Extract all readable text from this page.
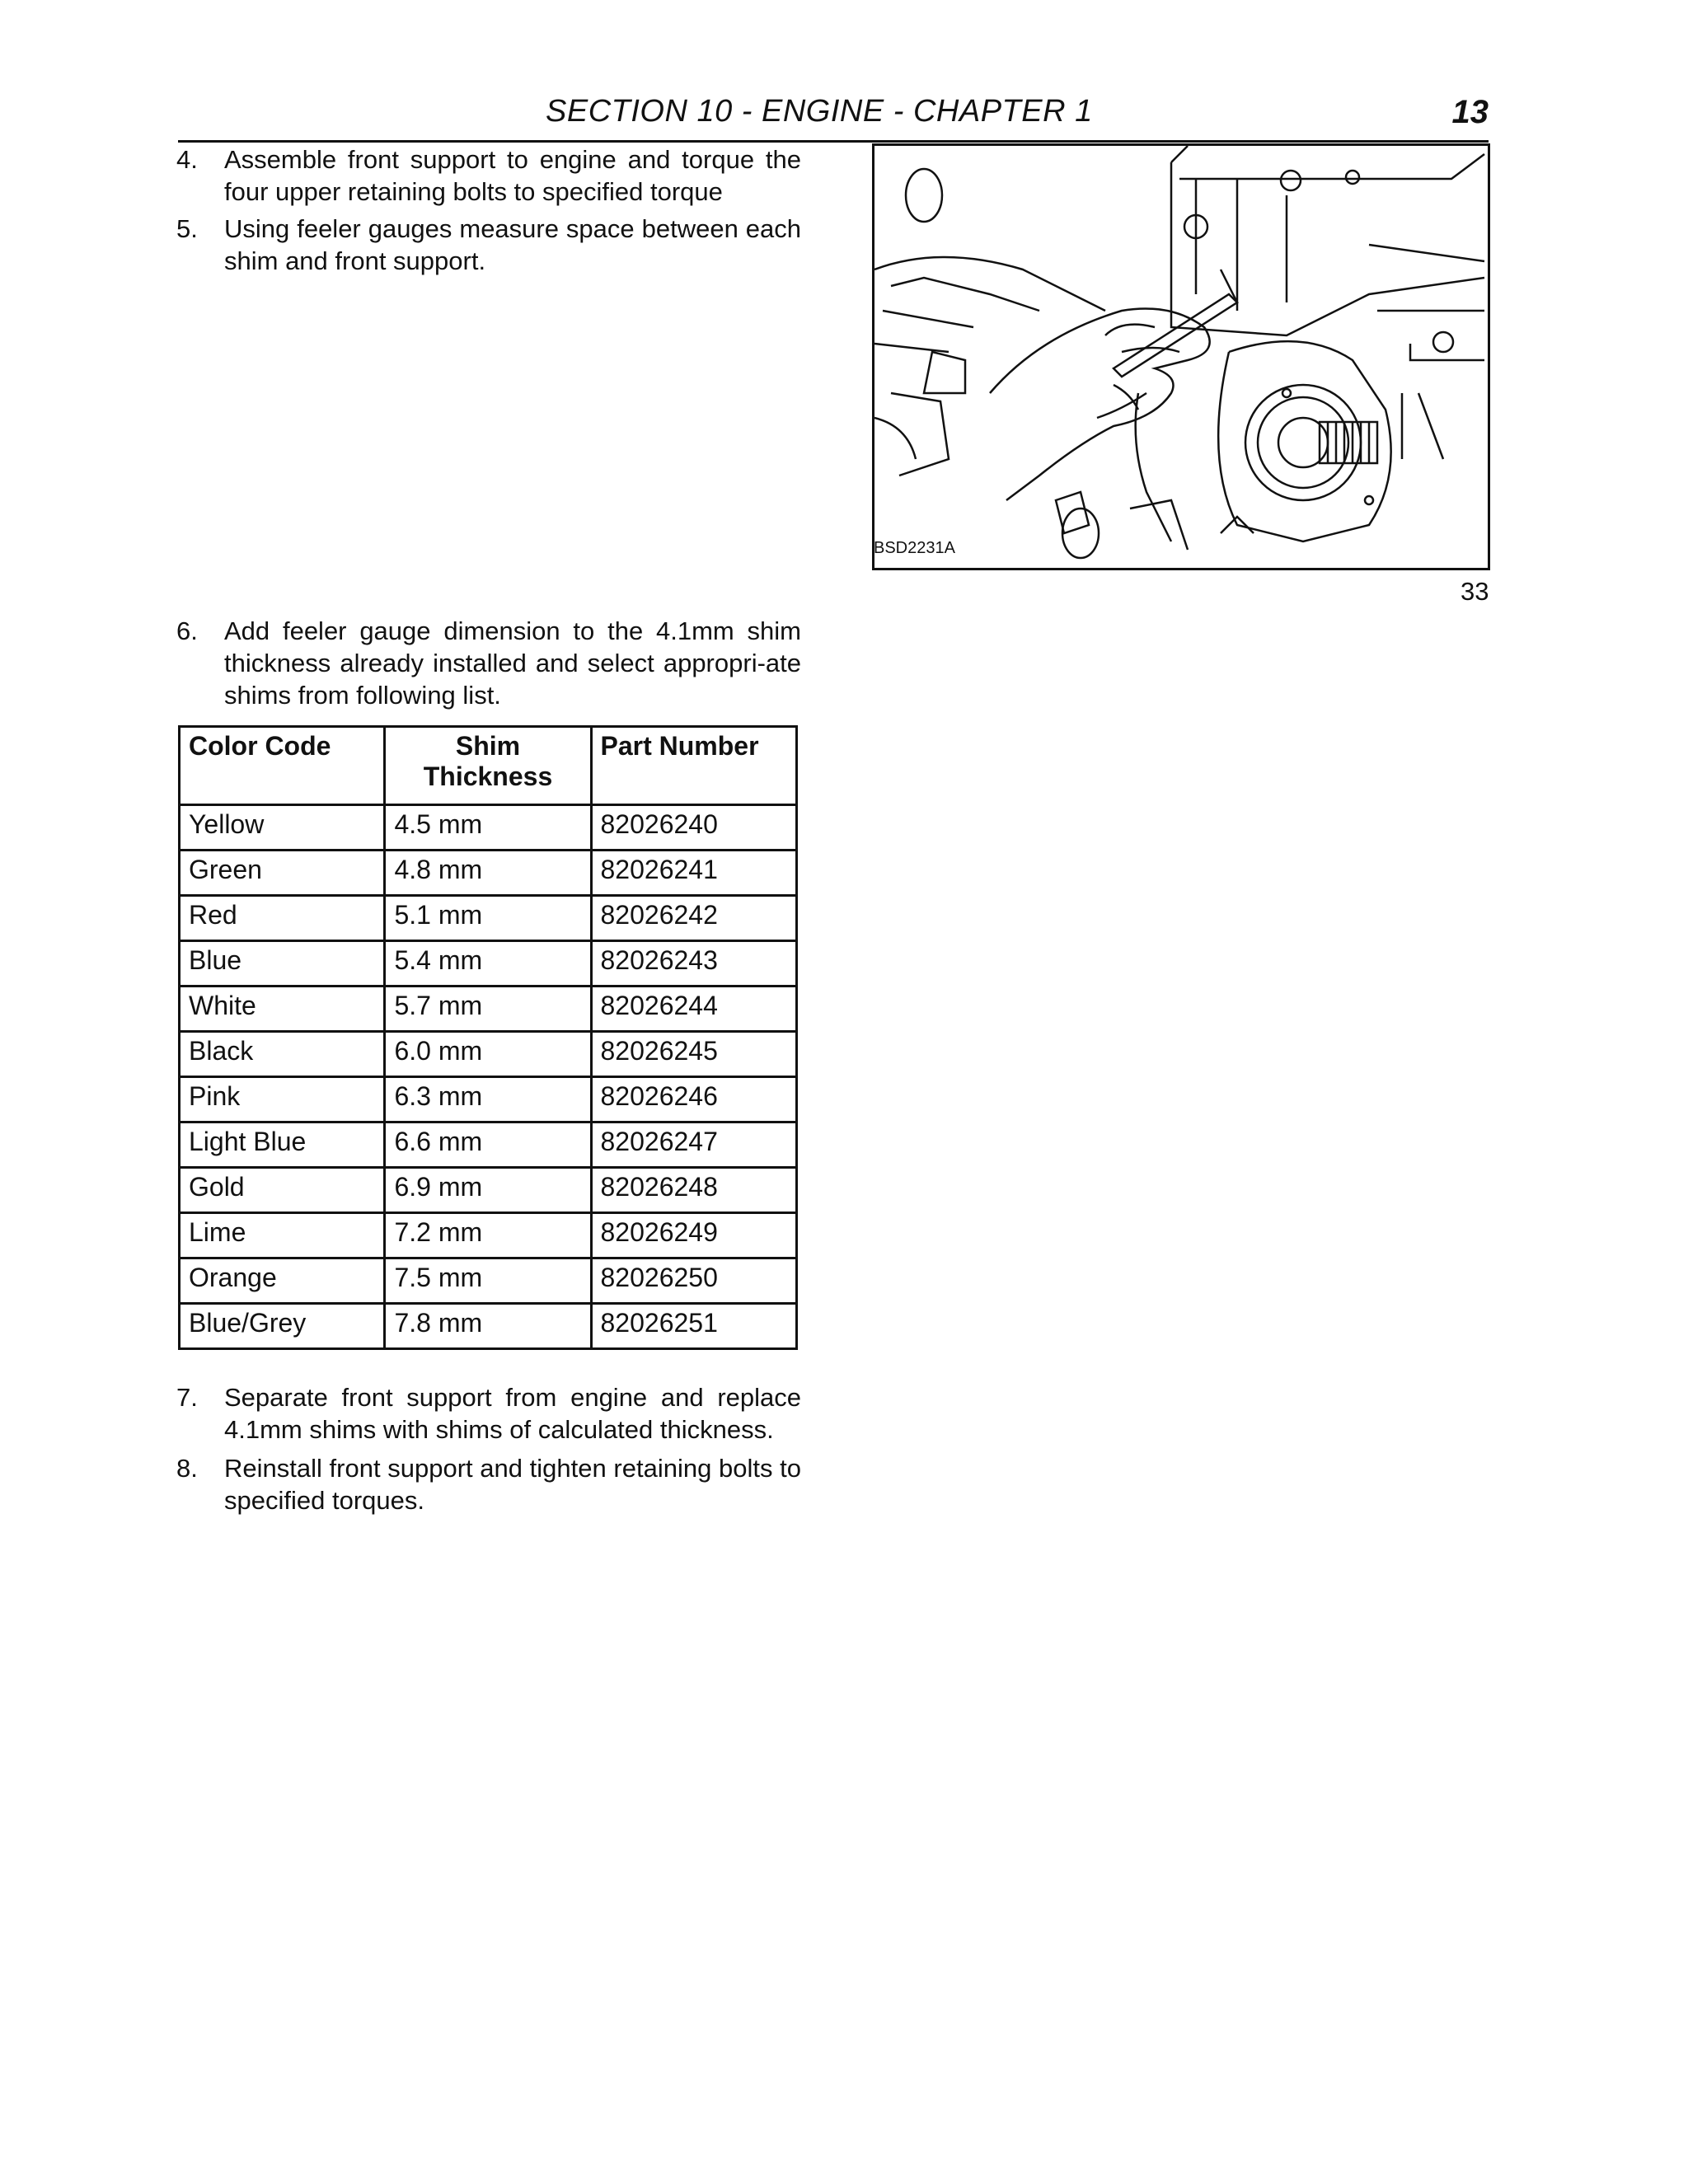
SECTION 10 - ENGINE - CHAPTER 1	13
4. Assemble front support to engine and torque the four upper retaining bolts to specified torque
5. Using feeler gauges measure space between each shim and front support.
BSD2231A
33
6. Add feeler gauge dimension to the 4.1mm shim thickness already installed and select appropri-ate shims from following list.
Color Code	Shim Thickness	Part Number
Yellow	4.5 mm	82026240
Green	4.8 mm	82026241
Red	5.1 mm	82026242
Blue	5.4 mm	82026243
White	5.7 mm	82026244
Black	6.0 mm	82026245
Pink	6.3 mm	82026246
Light Blue	6.6 mm	82026247
Gold	6.9 mm	82026248
Lime	7.2 mm	82026249
Orange	7.5 mm	82026250
Blue/Grey	7.8 mm	82026251
7. Separate front support from engine and replace 4.1mm shims with shims of calculated thickness.
8. Reinstall front support and tighten retaining bolts to specified torques.
